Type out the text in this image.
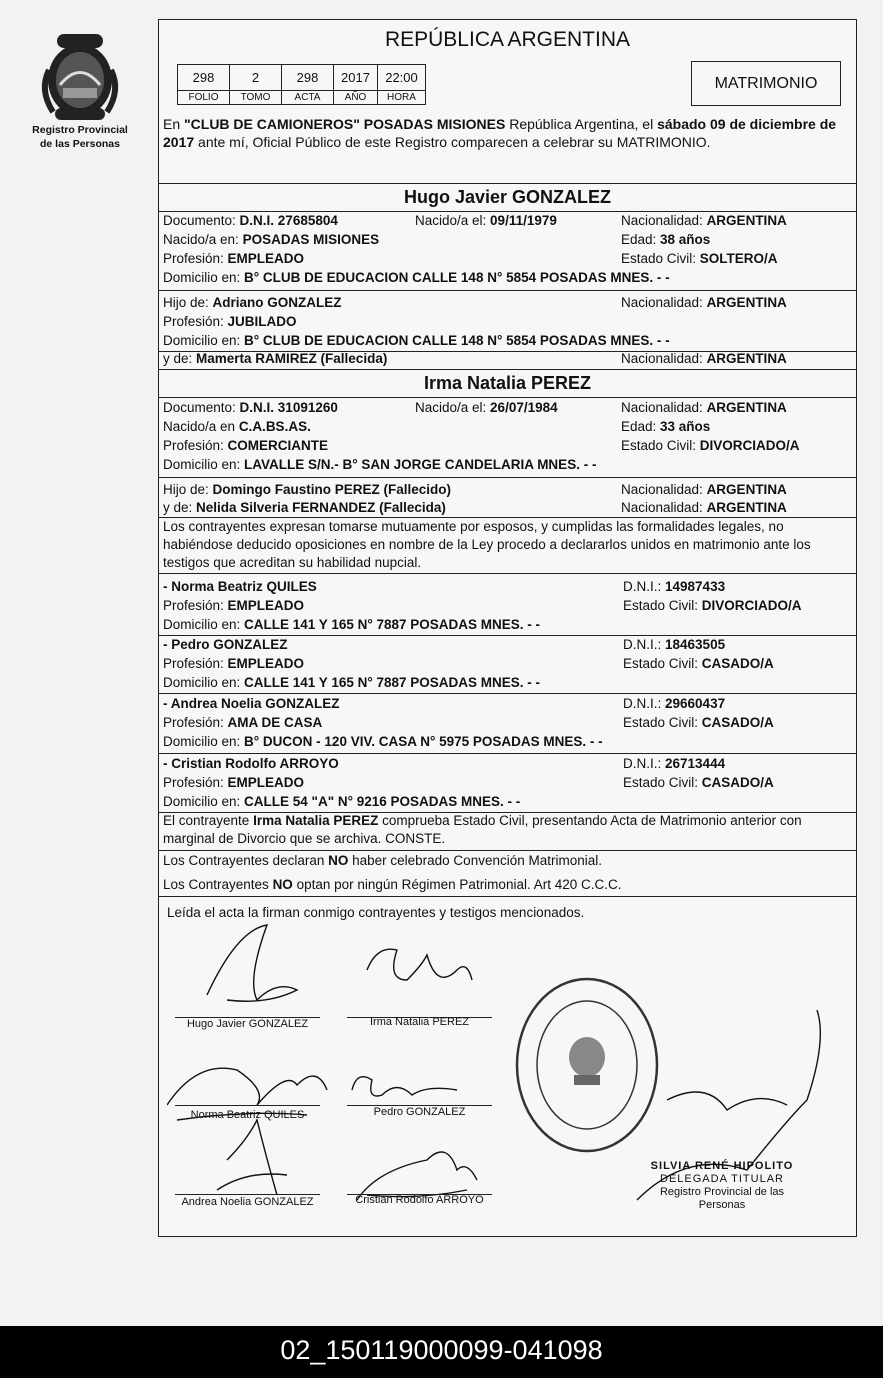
Registro Provincial
de las Personas
REPÚBLICA ARGENTINA
298	2	298	2017	22:00
FOLIO	TOMO	ACTA	AÑO	HORA
MATRIMONIO
En "CLUB DE CAMIONEROS" POSADAS MISIONES República Argentina, el sábado 09 de diciembre de 2017 ante mí, Oficial Público de este Registro comparecen a celebrar su MATRIMONIO.
Hugo Javier GONZALEZ
Documento: D.N.I. 27685804	Nacido/a el: 09/11/1979	Nacionalidad: ARGENTINA
Nacido/a en: POSADAS MISIONES	Edad: 38 años
Profesión: EMPLEADO	Estado Civil: SOLTERO/A
Domicilio en: B° CLUB DE EDUCACION CALLE 148 N° 5854 POSADAS MNES. - -
Hijo de: Adriano GONZALEZ	Nacionalidad: ARGENTINA
Profesión: JUBILADO
Domicilio en: B° CLUB DE EDUCACION CALLE 148 N° 5854 POSADAS MNES. - -
y de: Mamerta RAMIREZ (Fallecida)	Nacionalidad: ARGENTINA
Irma Natalia PEREZ
Documento: D.N.I. 31091260	Nacido/a el: 26/07/1984	Nacionalidad: ARGENTINA
Nacido/a en C.A.BS.AS.	Edad: 33 años
Profesión: COMERCIANTE	Estado Civil: DIVORCIADO/A
Domicilio en: LAVALLE S/N.- B° SAN JORGE CANDELARIA MNES. - -
Hijo de: Domingo Faustino PEREZ (Fallecido)	Nacionalidad: ARGENTINA
y de: Nelida Silveria FERNANDEZ (Fallecida)	Nacionalidad: ARGENTINA
Los contrayentes expresan tomarse mutuamente por esposos, y cumplidas las formalidades legales, no habiéndose deducido oposiciones en nombre de la Ley procedo a declararlos unidos en matrimonio ante los testigos que acreditan su habilidad nupcial.
- Norma Beatriz QUILES	D.N.I.: 14987433
Profesión: EMPLEADO	Estado Civil: DIVORCIADO/A
Domicilio en: CALLE 141 Y 165 N° 7887 POSADAS MNES. - -
- Pedro GONZALEZ	D.N.I.: 18463505
Profesión: EMPLEADO	Estado Civil: CASADO/A
Domicilio en: CALLE 141 Y 165 N° 7887 POSADAS MNES. - -
- Andrea Noelia GONZALEZ	D.N.I.: 29660437
Profesión: AMA DE CASA	Estado Civil: CASADO/A
Domicilio en: B° DUCON - 120 VIV. CASA N° 5975 POSADAS MNES. - -
- Cristian Rodolfo ARROYO	D.N.I.: 26713444
Profesión: EMPLEADO	Estado Civil: CASADO/A
Domicilio en: CALLE 54 "A" N° 9216 POSADAS MNES. - -
El contrayente Irma Natalia PEREZ comprueba Estado Civil, presentando Acta de Matrimonio anterior con marginal de Divorcio que se archiva. CONSTE.
Los Contrayentes declaran NO haber celebrado Convención Matrimonial.
Los Contrayentes NO optan por ningún Régimen Patrimonial. Art 420 C.C.C.
Leída el acta la firman conmigo contrayentes y testigos mencionados.
Hugo Javier GONZALEZ	Irma Natalia PEREZ
Norma Beatriz QUILES	Pedro GONZALEZ
Andrea Noelia GONZALEZ	Cristian Rodolfo ARROYO
SILVIA RENÉ HIPOLITO
DELEGADA TITULAR
Registro Provincial de las Personas
02_150119000099-041098
